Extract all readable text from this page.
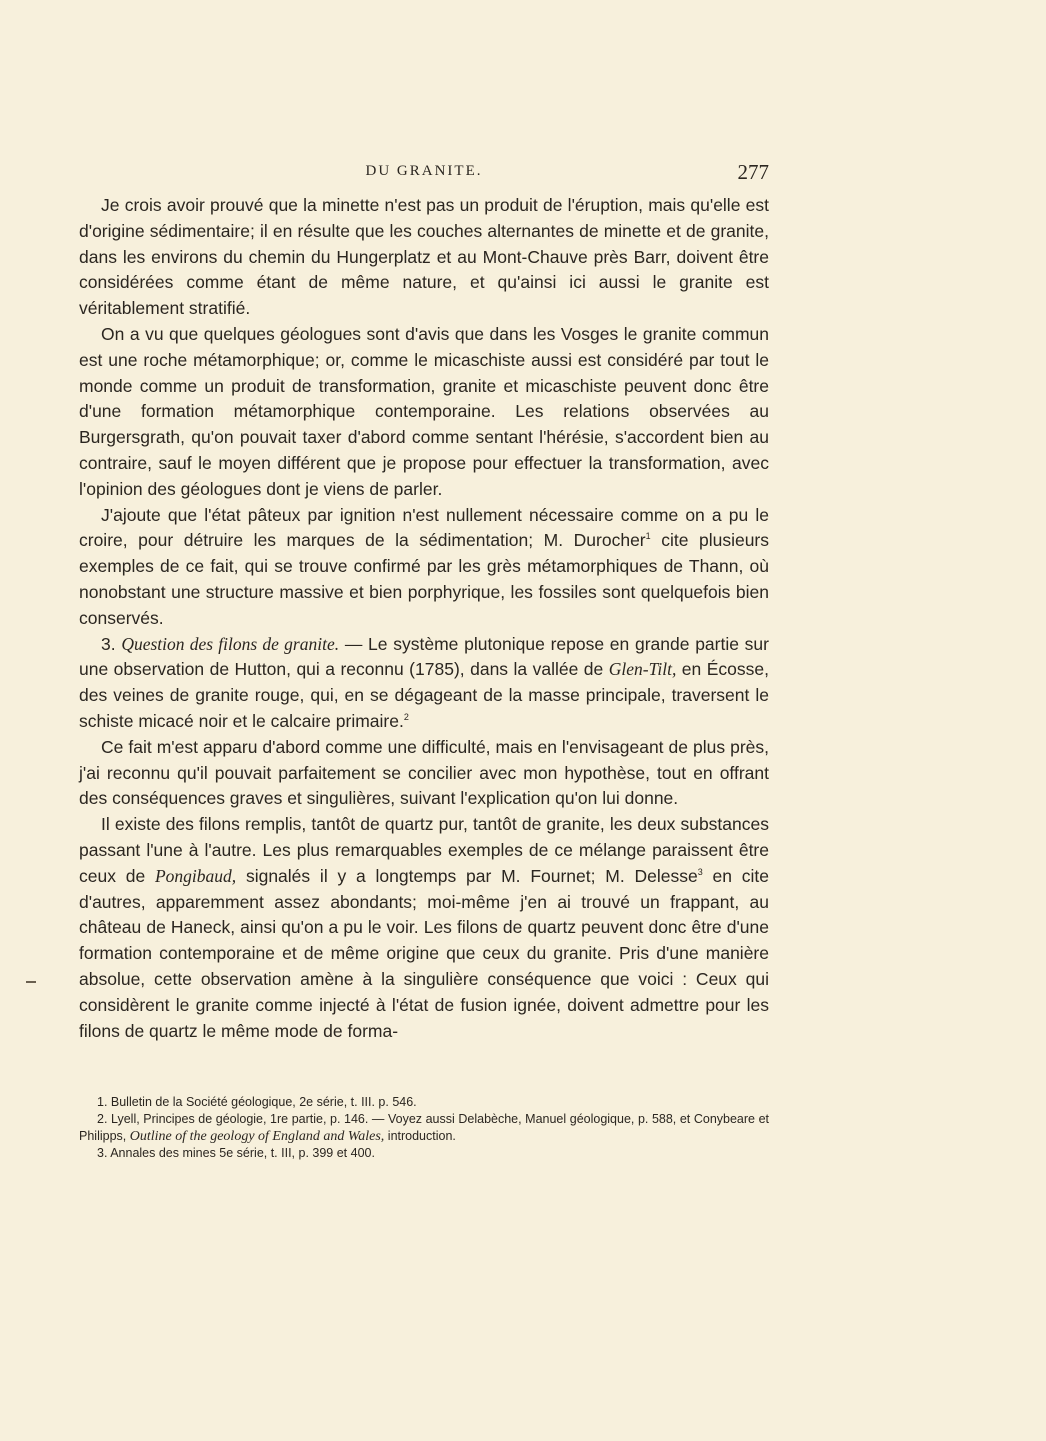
DU GRANITE.	277

Je crois avoir prouvé que la minette n'est pas un produit de l'éruption, mais qu'elle est d'origine sédimentaire; il en résulte que les couches alternantes de minette et de granite, dans les environs du chemin du Hungerplatz et au Mont-Chauve près Barr, doivent être considérées comme étant de même nature, et qu'ainsi ici aussi le granite est véritablement stratifié.

On a vu que quelques géologues sont d'avis que dans les Vosges le granite commun est une roche métamorphique; or, comme le micaschiste aussi est considéré par tout le monde comme un produit de transformation, granite et micaschiste peuvent donc être d'une formation métamorphique contemporaine. Les relations observées au Burgersgrath, qu'on pouvait taxer d'abord comme sentant l'hérésie, s'accordent bien au contraire, sauf le moyen différent que je propose pour effectuer la transformation, avec l'opinion des géologues dont je viens de parler.

J'ajoute que l'état pâteux par ignition n'est nullement nécessaire comme on a pu le croire, pour détruire les marques de la sédimentation; M. Durocher$^1$ cite plusieurs exemples de ce fait, qui se trouve confirmé par les grès métamorphiques de Thann, où nonobstant une structure massive et bien porphyrique, les fossiles sont quelquefois bien conservés.

3. Question des filons de granite. — Le système plutonique repose en grande partie sur une observation de Hutton, qui a reconnu (1785), dans la vallée de Glen-Tilt, en Écosse, des veines de granite rouge, qui, en se dégageant de la masse principale, traversent le schiste micacé noir et le calcaire primaire.$^2$

Ce fait m'est apparu d'abord comme une difficulté, mais en l'envisageant de plus près, j'ai reconnu qu'il pouvait parfaitement se concilier avec mon hypothèse, tout en offrant des conséquences graves et singulières, suivant l'explication qu'on lui donne.

Il existe des filons remplis, tantôt de quartz pur, tantôt de granite, les deux substances passant l'une à l'autre. Les plus remarquables exemples de ce mélange paraissent être ceux de Pongibaud, signalés il y a longtemps par M. Fournet; M. Delesse$^3$ en cite d'autres, apparemment assez abondants; moi-même j'en ai trouvé un frappant, au château de Haneck, ainsi qu'on a pu le voir. Les filons de quartz peuvent donc être d'une formation contemporaine et de même origine que ceux du granite. Pris d'une manière absolue, cette observation amène à la singulière conséquence que voici : Ceux qui considèrent le granite comme injecté à l'état de fusion ignée, doivent admettre pour les filons de quartz le même mode de forma-

1. Bulletin de la Société géologique, 2e série, t. III. p. 546.

2. Lyell, Principes de géologie, 1re partie, p. 146. — Voyez aussi Delabèche, Manuel géologique, p. 588, et Conybeare et Philipps, Outline of the geology of England and Wales, introduction.

3. Annales des mines 5e série, t. III, p. 399 et 400.
